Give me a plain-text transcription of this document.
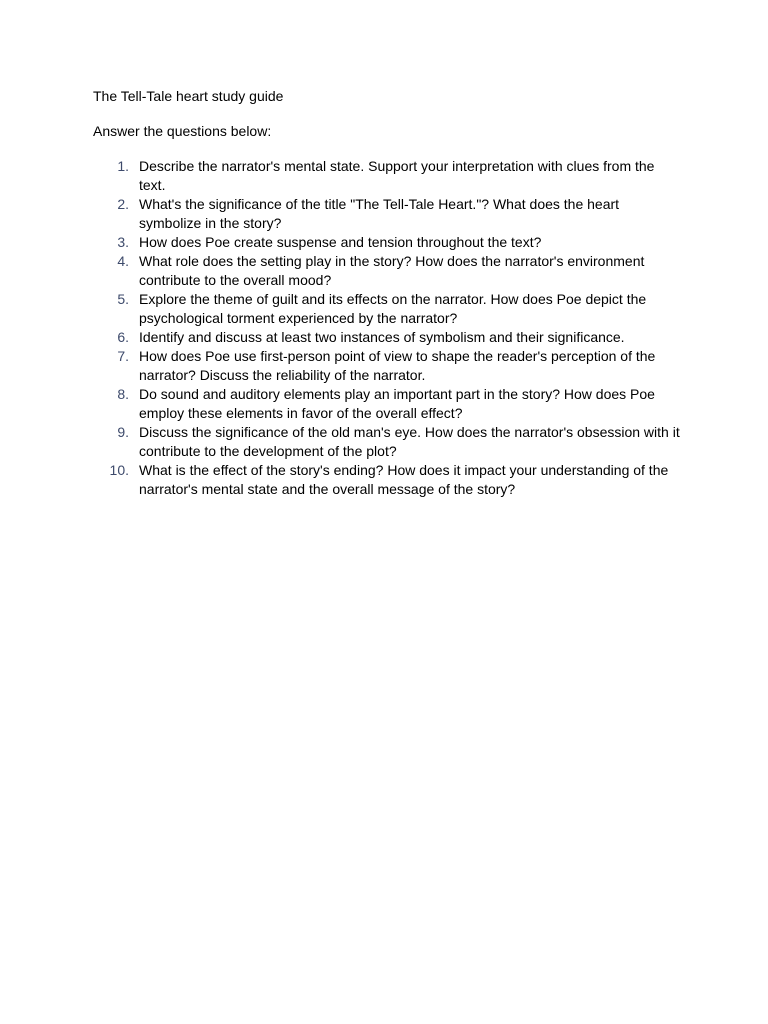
The Tell-Tale heart study guide

Answer the questions below:

1. Describe the narrator's mental state. Support your interpretation with clues from the text.
2. What's the significance of the title "The Tell-Tale Heart."? What does the heart symbolize in the story?
3. How does Poe create suspense and tension throughout the text?
4. What role does the setting play in the story? How does the narrator's environment contribute to the overall mood?
5. Explore the theme of guilt and its effects on the narrator. How does Poe depict the psychological torment experienced by the narrator?
6. Identify and discuss at least two instances of symbolism and their significance.
7. How does Poe use first-person point of view to shape the reader's perception of the narrator? Discuss the reliability of the narrator.
8. Do sound and auditory elements play an important part in the story? How does Poe employ these elements in favor of the overall effect?
9. Discuss the significance of the old man's eye. How does the narrator's obsession with it contribute to the development of the plot?
10. What is the effect of the story's ending? How does it impact your understanding of the narrator's mental state and the overall message of the story?
